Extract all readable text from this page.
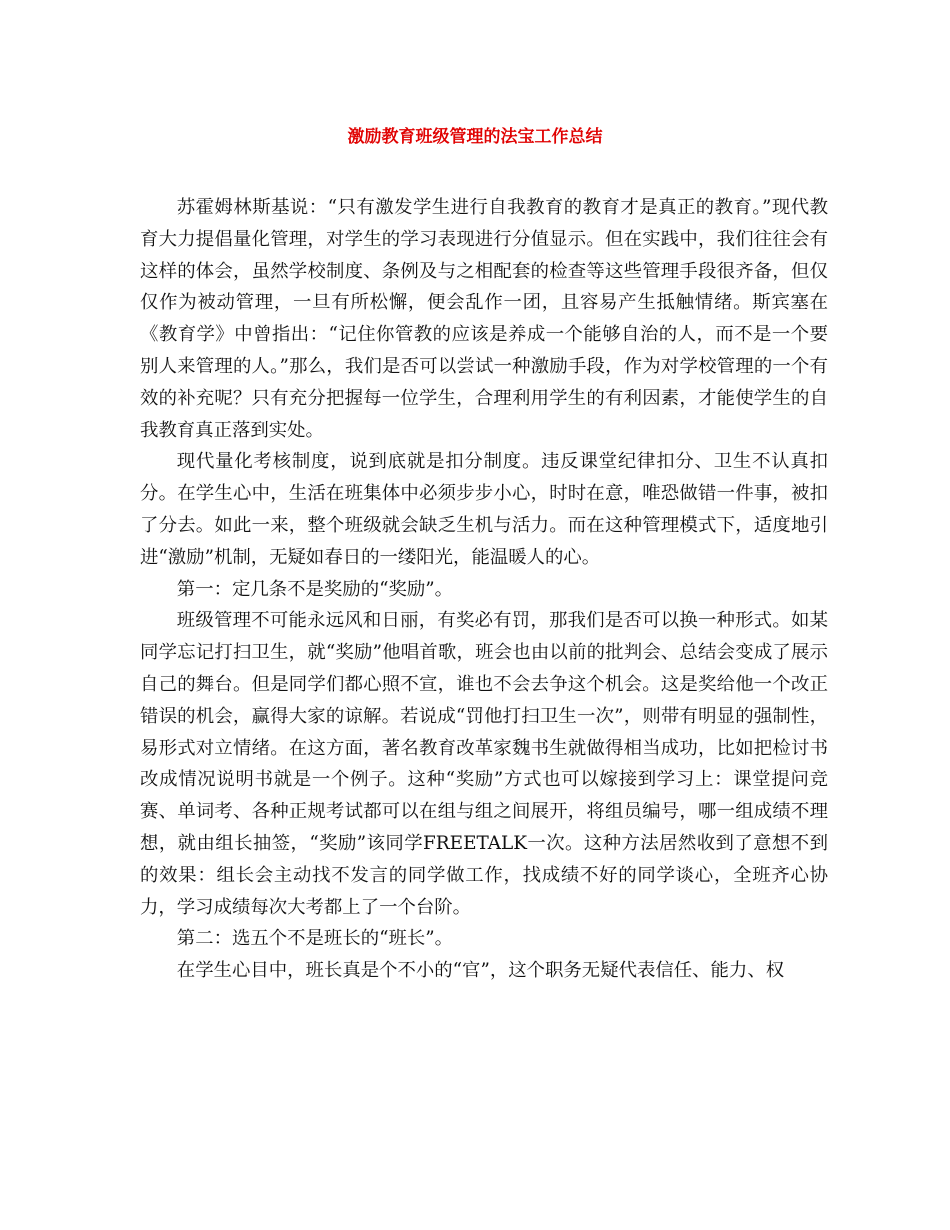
激励教育班级管理的法宝工作总结

苏霍姆林斯基说：“只有激发学生进行自我教育的教育才是真正的教育。”现代教育大力提倡量化管理，对学生的学习表现进行分值显示。但在实践中，我们往往会有这样的体会，虽然学校制度、条例及与之相配套的检查等这些管理手段很齐备，但仅仅作为被动管理，一旦有所松懈，便会乱作一团，且容易产生抵触情绪。斯宾塞在《教育学》中曾指出：“记住你管教的应该是养成一个能够自治的人，而不是一个要别人来管理的人。”那么，我们是否可以尝试一种激励手段，作为对学校管理的一个有效的补充呢？只有充分把握每一位学生，合理利用学生的有利因素，才能使学生的自我教育真正落到实处。

现代量化考核制度，说到底就是扣分制度。违反课堂纪律扣分、卫生不认真扣分。在学生心中，生活在班集体中必须步步小心，时时在意，唯恐做错一件事，被扣了分去。如此一来，整个班级就会缺乏生机与活力。而在这种管理模式下，适度地引进“激励”机制，无疑如春日的一缕阳光，能温暖人的心。

第一：定几条不是奖励的“奖励”。

班级管理不可能永远风和日丽，有奖必有罚，那我们是否可以换一种形式。如某同学忘记打扫卫生，就“奖励”他唱首歌，班会也由以前的批判会、总结会变成了展示自己的舞台。但是同学们都心照不宣，谁也不会去争这个机会。这是奖给他一个改正错误的机会，赢得大家的谅解。若说成“罚他打扫卫生一次”，则带有明显的强制性，易形式对立情绪。在这方面，著名教育改革家魏书生就做得相当成功，比如把检讨书改成情况说明书就是一个例子。这种“奖励”方式也可以嫁接到学习上：课堂提问竞赛、单词考、各种正规考试都可以在组与组之间展开，将组员编号，哪一组成绩不理想，就由组长抽签，“奖励”该同学FREETALK一次。这种方法居然收到了意想不到的效果：组长会主动找不发言的同学做工作，找成绩不好的同学谈心，全班齐心协力，学习成绩每次大考都上了一个台阶。

第二：选五个不是班长的“班长”。

在学生心目中，班长真是个不小的“官”，这个职务无疑代表信任、能力、权
